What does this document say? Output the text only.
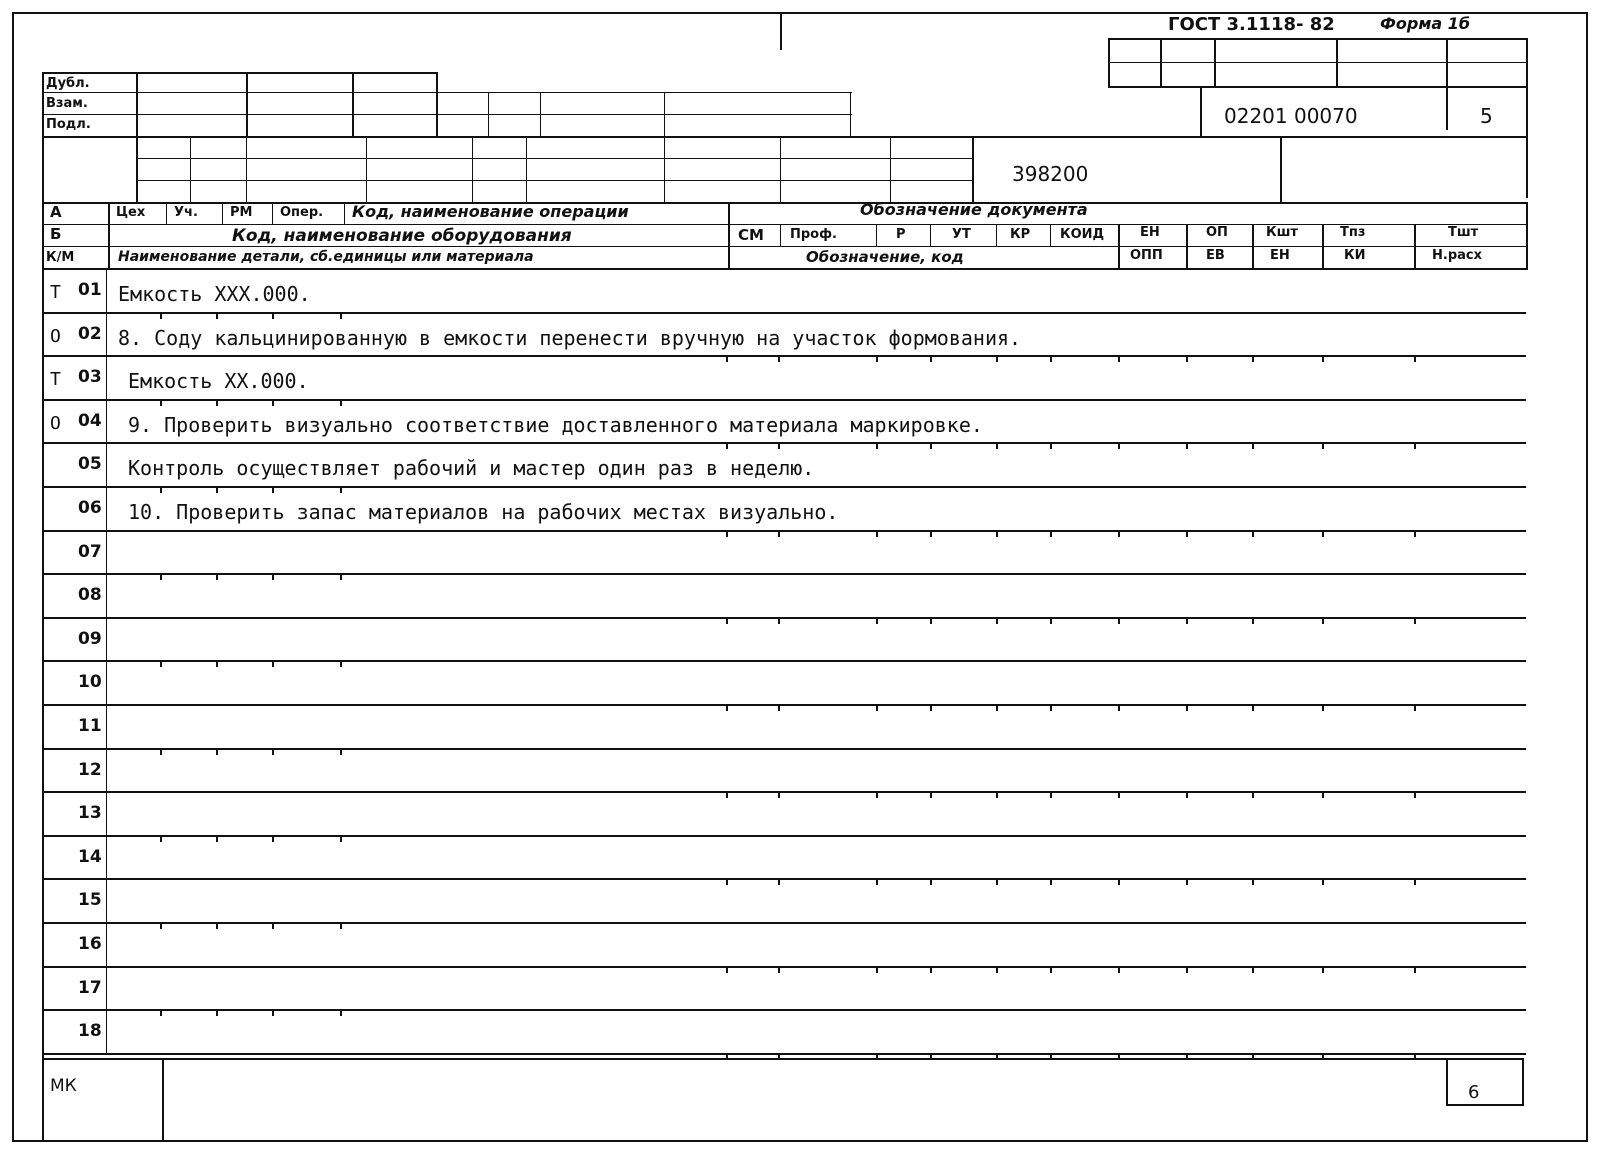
ГОСТ 3.1118- 82	Форма 1б
Дубл.
Взам.
Подл.	02201 00070	5
398200
А	Цех Уч. РМ Опер. Код, наименование операции	Обозначение документа
Б	Код, наименование оборудования	СМ Проф.	Р	УТ	КР КОИД	ЕН	ОП	Кшт	Тпз	Тшт
К/М	Наименование детали, сб.единицы или материала	Обозначение, код	ОПП	ЕВ	ЕН	КИ	Н.расх
Т 01 Емкость XXX.000.
О 02 8. Соду кальцинированную в емкости перенести вручную на участок формования.
Т 03 Емкость XX.000.
О 04 9. Проверить визуально соответствие доставленного материала маркировке.
05 Контроль осуществляет рабочий и мастер один раз в неделю.
06 10. Проверить запас материалов на рабочих местах визуально.
07
08
09
10
11
12
13
14
15
16
17
18
МК	6
